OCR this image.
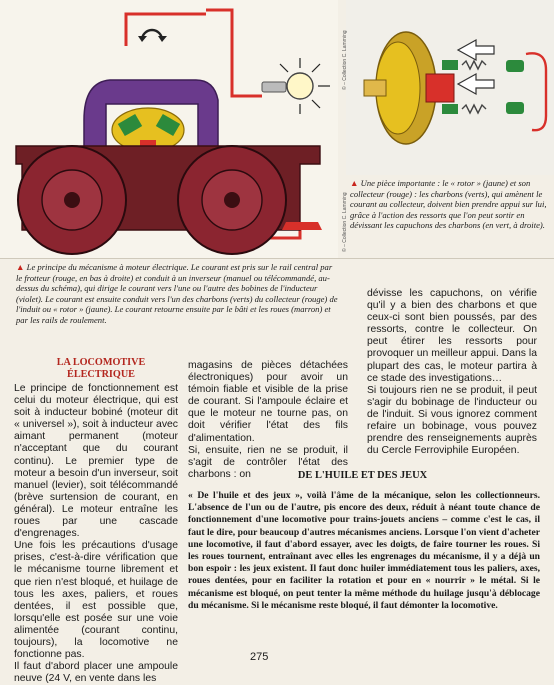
© – Collection C. Lamming
© – Collection C. Lamming

▲ Une pièce importante : le « rotor » (jaune) et son collecteur (rouge) : les charbons (verts), qui amènent le courant au collecteur, doivent bien prendre appui sur lui, grâce à l'action des ressorts que l'on peut sortir en dévissant les capuchons des charbons (en vert, à droite).

▲ Le principe du mécanisme à moteur électrique. Le courant est pris sur le rail central par le frotteur (rouge, en bas à droite) et conduit à un inverseur (manuel ou télécommandé, au-dessus du schéma), qui dirige le courant vers l'une ou l'autre des bobines de l'inducteur (violet). Le courant est ensuite conduit vers l'un des charbons (verts) du collecteur (rouge) de l'induit ou « rotor » (jaune). Le courant retourne ensuite par le bâti et les roues (marron) et par les rails de roulement.

LA LOCOMOTIVE ÉLECTRIQUE

Le principe de fonctionnement est celui du moteur électrique, qui est soit à inducteur bobiné (moteur dit « universel »), soit à inducteur avec aimant permanent (moteur n'acceptant que du courant continu). Le premier type de moteur a besoin d'un inverseur, soit manuel (levier), soit télécommandé (brève surtension de courant, en général). Le moteur entraîne les roues par une cascade d'engrenages.

Une fois les précautions d'usage prises, c'est-à-dire vérification que le mécanisme tourne librement et que rien n'est bloqué, et huilage de tous les axes, paliers, et roues dentées, il est possible que, lorsqu'elle est posée sur une voie alimentée (courant continu, toujours), la locomotive ne fonctionne pas.

Il faut d'abord placer une ampoule neuve (24 V, en vente dans les

magasins de pièces détachées électroniques) pour avoir un témoin fiable et visible de la prise de courant. Si l'ampoule éclaire et que le moteur ne tourne pas, on doit vérifier l'état des fils d'alimentation.

Si, ensuite, rien ne se produit, il s'agit de contrôler l'état des charbons : on

dévisse les capuchons, on vérifie qu'il y a bien des charbons et que ceux-ci sont bien poussés, par des ressorts, contre le collecteur. On peut étirer les ressorts pour provoquer un meilleur appui. Dans la plupart des cas, le moteur partira à ce stade des investigations…

Si toujours rien ne se produit, il peut s'agir du bobinage de l'inducteur ou de l'induit. Si vous ignorez comment refaire un bobinage, vous pouvez prendre des renseignements auprès du Cercle Ferroviphile Européen.

DE L'HUILE ET DES JEUX

« De l'huile et des jeux », voilà l'âme de la mécanique, selon les collectionneurs. L'absence de l'un ou de l'autre, pis encore des deux, réduit à néant toute chance de fonctionnement d'une locomotive pour trains-jouets anciens – comme c'est le cas, il faut le dire, pour beaucoup d'autres mécanismes anciens. Lorsque l'on vient d'acheter une locomotive, il faut d'abord essayer, avec les doigts, de faire tourner les roues. Si les roues tournent, entraînant avec elles les engrenages du mécanisme, il y a déjà un bon espoir : les jeux existent. Il faut donc huiler immédiatement tous les paliers, axes, roues dentées, pour en faciliter la rotation et pour en « nourrir » le métal. Si le mécanisme est bloqué, on peut tenter la même méthode du huilage jusqu'à déblocage du mécanisme. Si le mécanisme reste bloqué, il faut démonter la locomotive.

275
